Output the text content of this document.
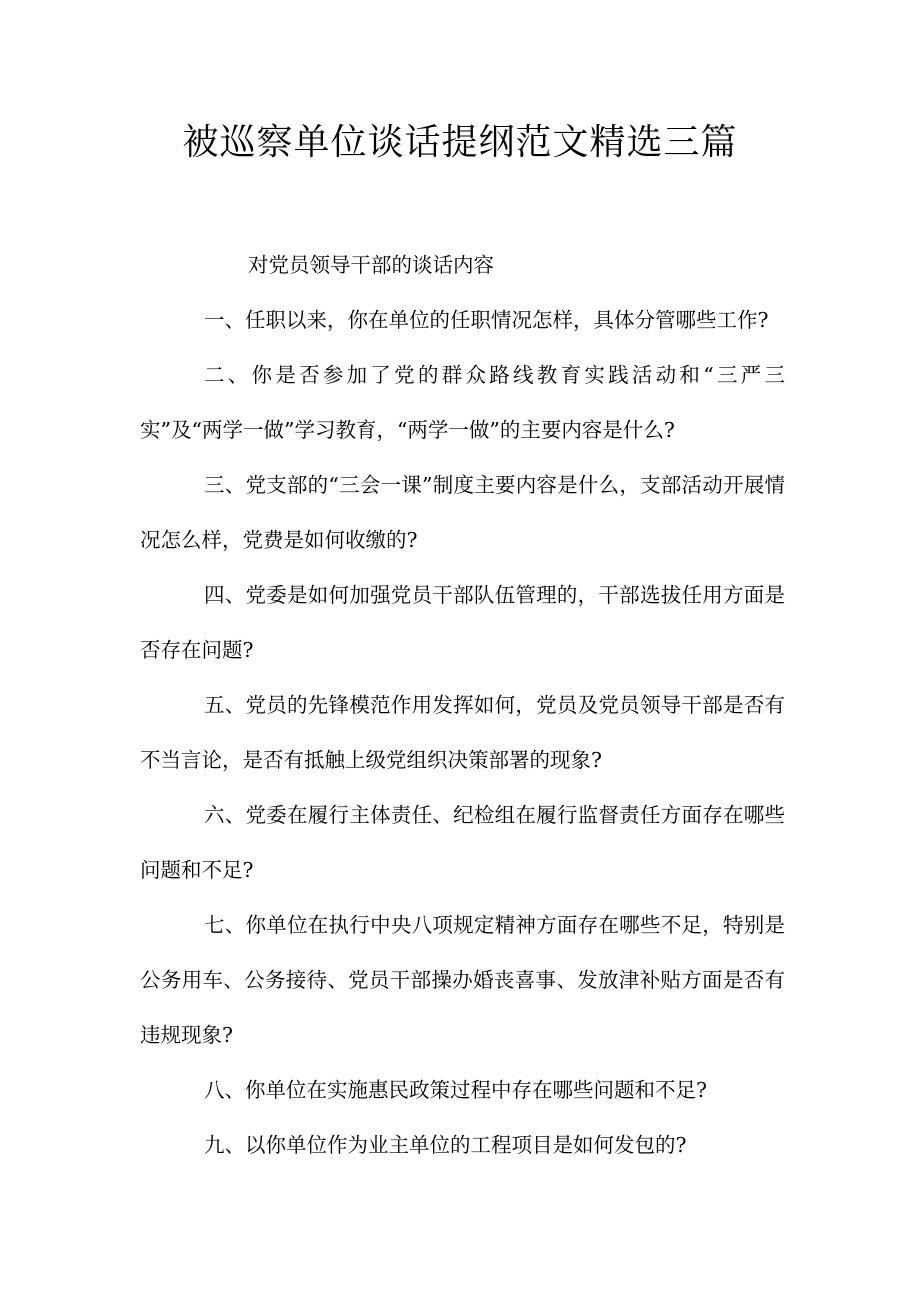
被巡察单位谈话提纲范文精选三篇

对党员领导干部的谈话内容

一、任职以来，你在单位的任职情况怎样，具体分管哪些工作?

二、你是否参加了党的群众路线教育实践活动和“三严三实”及“两学一做”学习教育，“两学一做”的主要内容是什么?

三、党支部的“三会一课”制度主要内容是什么，支部活动开展情况怎么样，党费是如何收缴的?

四、党委是如何加强党员干部队伍管理的，干部选拔任用方面是否存在问题?

五、党员的先锋模范作用发挥如何，党员及党员领导干部是否有不当言论，是否有抵触上级党组织决策部署的现象?

六、党委在履行主体责任、纪检组在履行监督责任方面存在哪些问题和不足?

七、你单位在执行中央八项规定精神方面存在哪些不足，特别是公务用车、公务接待、党员干部操办婚丧喜事、发放津补贴方面是否有违规现象?

八、你单位在实施惠民政策过程中存在哪些问题和不足?

九、以你单位作为业主单位的工程项目是如何发包的?
